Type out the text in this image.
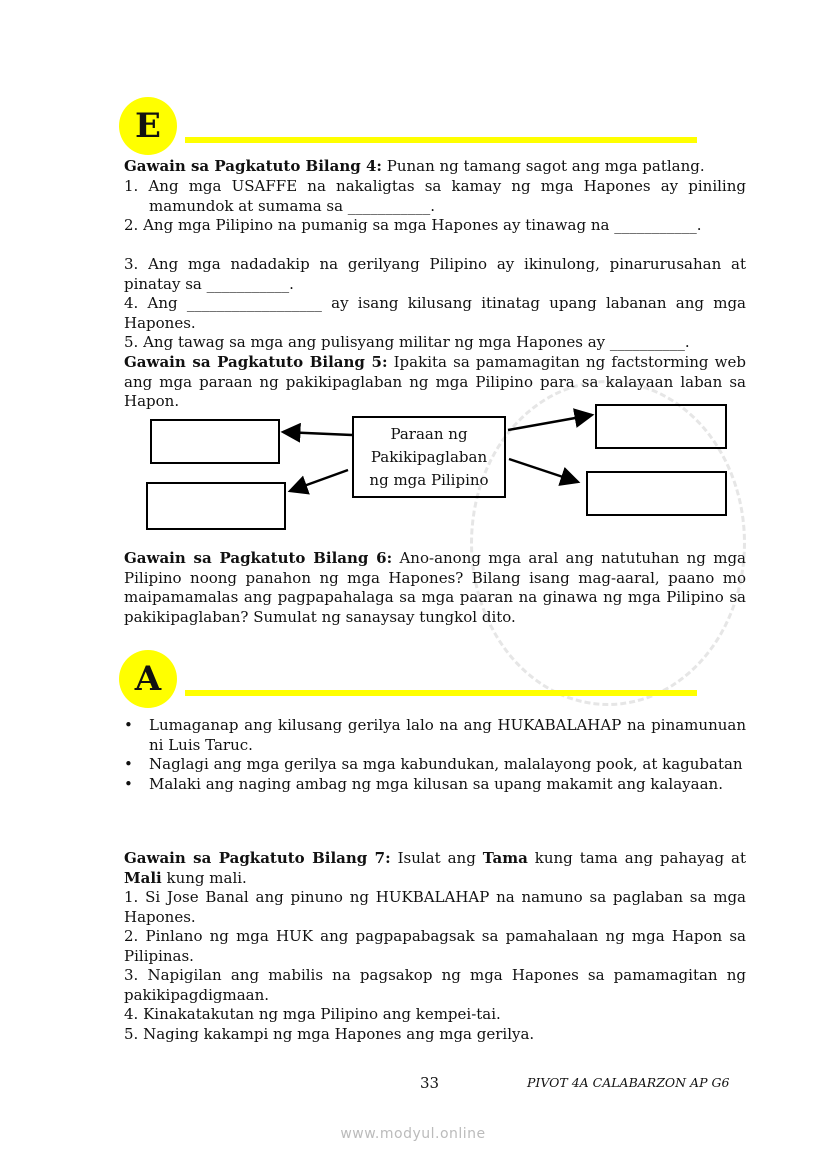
E
Gawain sa Pagkatuto Bilang 4: Punan ng tamang sagot ang mga patlang.
1. Ang mga USAFFE na nakaligtas sa kamay ng mga Hapones ay piniling mamundok at sumama sa ___________.
2. Ang mga Pilipino na pumanig sa mga Hapones ay tinawag na ___________.
3. Ang mga nadadakip na gerilyang Pilipino ay ikinulong, pinarurusahan at pinatay sa ___________.
4. Ang __________________ ay isang kilusang itinatag upang labanan ang mga Hapones.
5. Ang tawag sa mga ang pulisyang militar ng mga Hapones ay __________.
Gawain sa Pagkatuto Bilang 5: Ipakita sa pamamagitan ng factstorming web ang mga paraan ng pakikipaglaban ng mga Pilipino para sa kalayaan laban sa Hapon.
Paraan ng
Pakikipaglaban
ng mga Pilipino
Gawain sa Pagkatuto Bilang 6: Ano-anong mga aral ang natutuhan ng mga Pilipino noong panahon ng mga Hapones? Bilang isang mag-aaral, paano mo maipamamalas ang pagpapahalaga sa mga paaran na ginawa ng mga Pilipino sa pakikipaglaban? Sumulat ng sanaysay tungkol dito.
A
• Lumaganap ang kilusang gerilya lalo na ang HUKABALAHAP na pinamunuan ni Luis Taruc.
• Naglagi ang mga gerilya sa mga kabundukan, malalayong pook, at kagubatan
• Malaki ang naging ambag ng mga kilusan sa upang makamit ang kalayaan.
Gawain sa Pagkatuto Bilang 7: Isulat ang Tama kung tama ang pahayag at Mali kung mali.
1. Si Jose Banal ang pinuno ng HUKBALAHAP na namuno sa paglaban sa mga Hapones.
2. Pinlano ng mga HUK ang pagpapabagsak sa pamahalaan ng mga Hapon sa Pilipinas.
3. Napigilan ang mabilis na pagsakop ng mga Hapones sa pamamagitan ng pakikipagdigmaan.
4. Kinakatakutan ng mga Pilipino ang kempei-tai.
5. Naging kakampi ng mga Hapones ang mga gerilya.
33	PIVOT 4A CALABARZON AP G6
www.modyul.online
